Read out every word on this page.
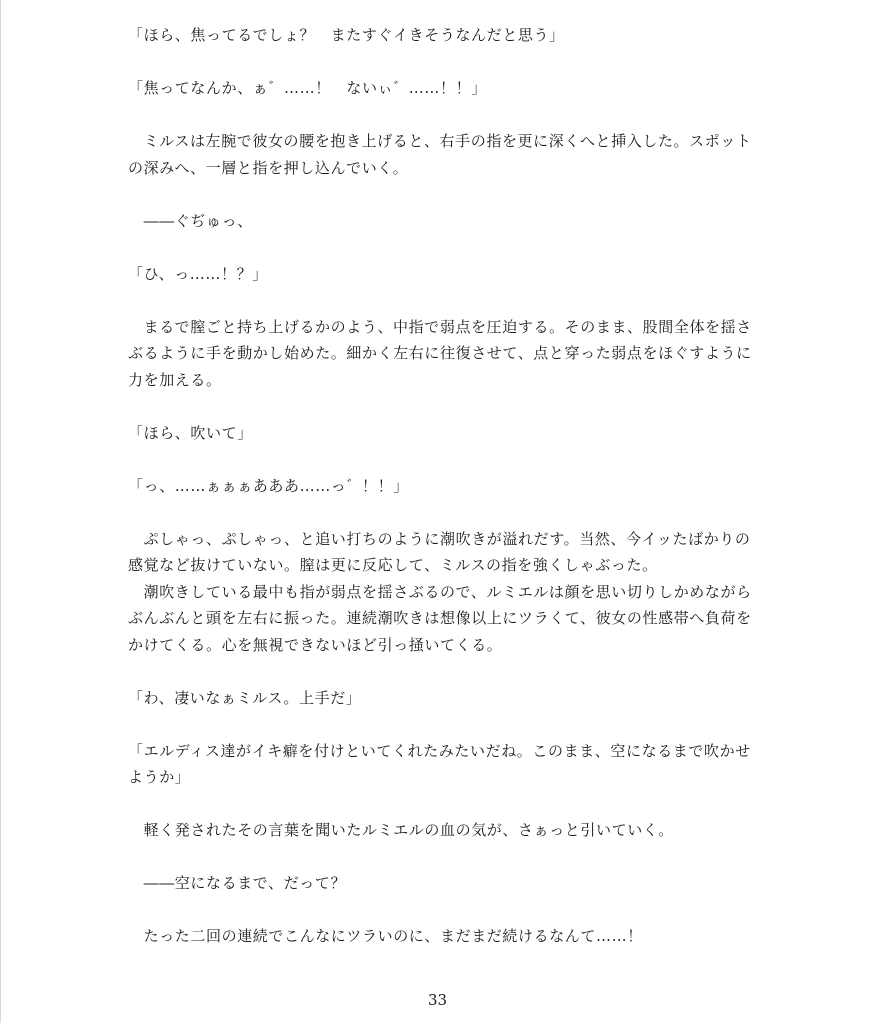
「ほら、焦ってるでしょ？　またすぐイきそうなんだと思う」
「焦ってなんか、ぁ゛……！　ないぃ゛……！！」
　ミルスは左腕で彼女の腰を抱き上げると、右手の指を更に深くへと挿入した。スポット
の深みへ、一層と指を押し込んでいく。
　――ぐぢゅっ、
「ひ、っ……！？」
　まるで膣ごと持ち上げるかのよう、中指で弱点を圧迫する。そのまま、股間全体を揺さ
ぶるように手を動かし始めた。細かく左右に往復させて、点と穿った弱点をほぐすように
力を加える。
「ほら、吹いて」
「っ、……ぁぁぁあああ……っ゛！！」
　ぷしゃっ、ぷしゃっ、と追い打ちのように潮吹きが溢れだす。当然、今イッたばかりの
感覚など抜けていない。膣は更に反応して、ミルスの指を強くしゃぶった。
　潮吹きしている最中も指が弱点を揺さぶるので、ルミエルは顔を思い切りしかめながら
ぶんぶんと頭を左右に振った。連続潮吹きは想像以上にツラくて、彼女の性感帯へ負荷を
かけてくる。心を無視できないほど引っ掻いてくる。
「わ、凄いなぁミルス。上手だ」
「エルディス達がイキ癖を付けといてくれたみたいだね。このまま、空になるまで吹かせ
ようか」
　軽く発されたその言葉を聞いたルミエルの血の気が、さぁっと引いていく。
　――空になるまで、だって？
　たった二回の連続でこんなにツラいのに、まだまだ続けるなんて……！
33
